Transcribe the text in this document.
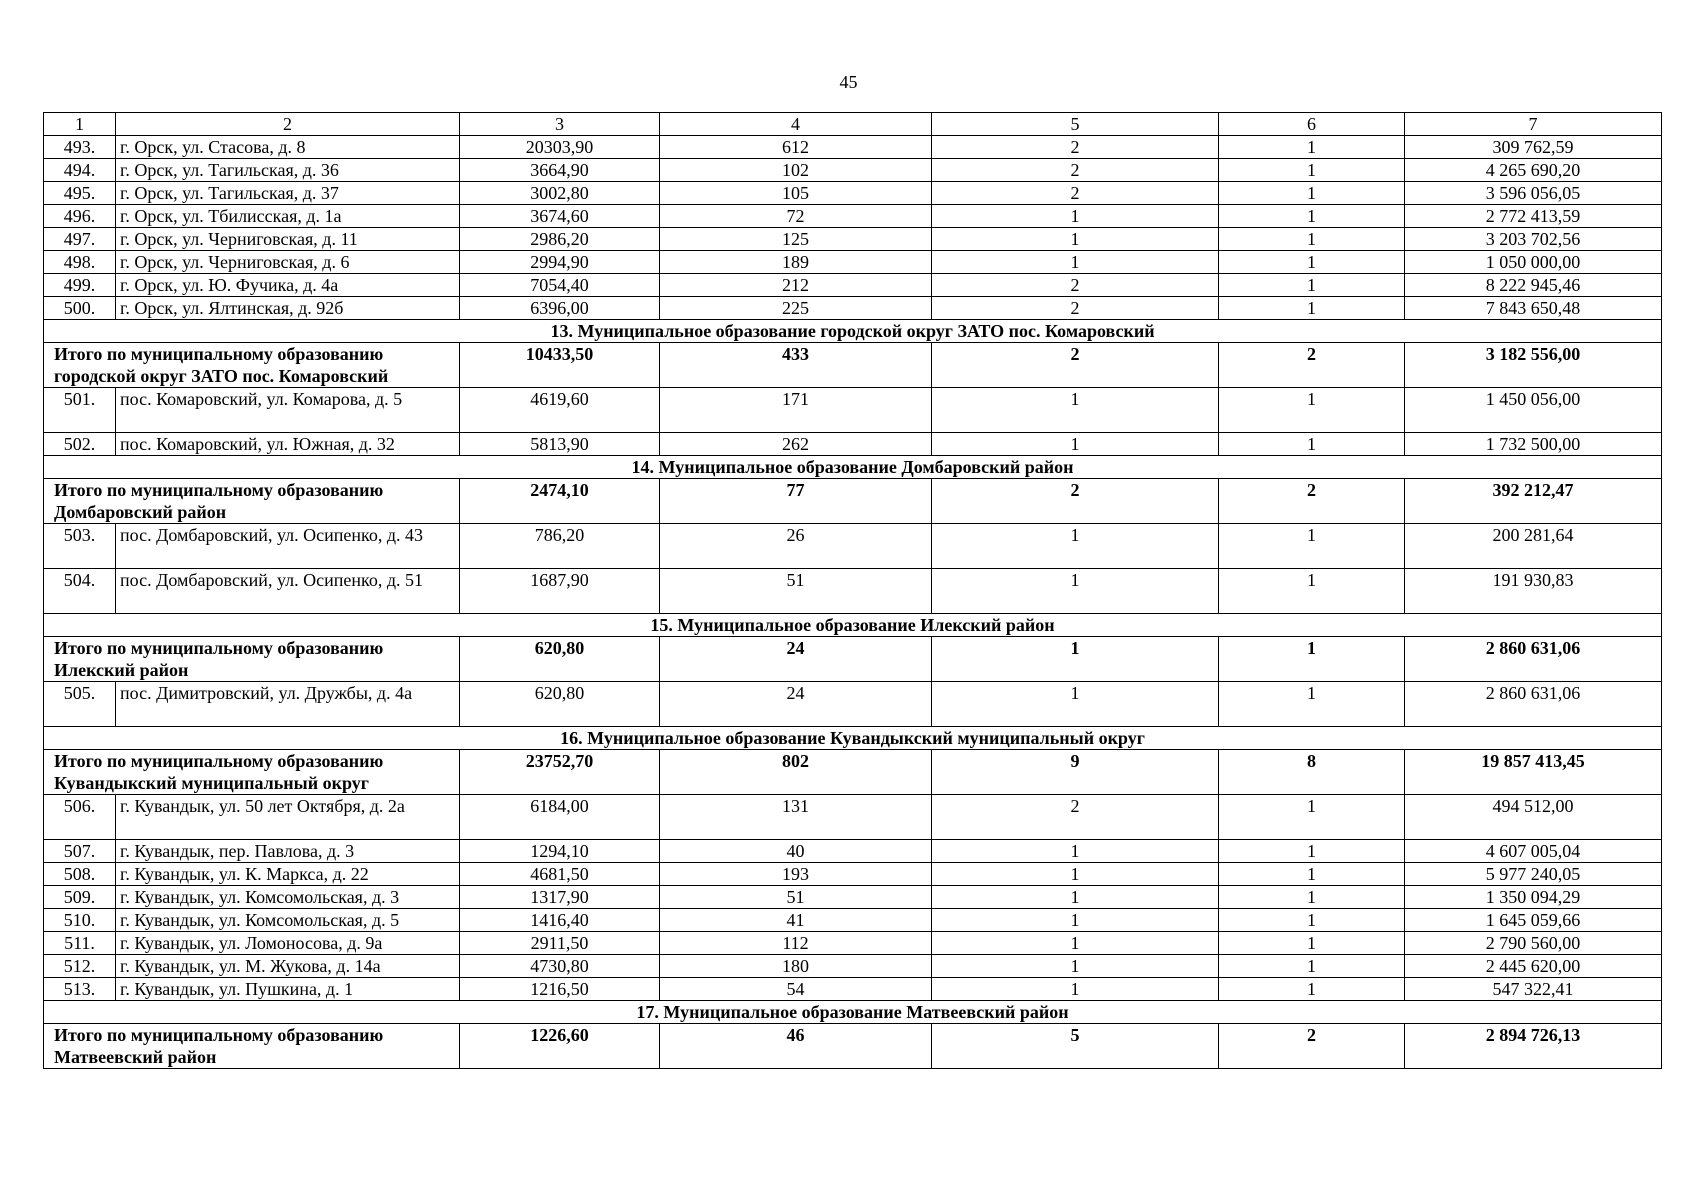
45
1	2	3	4	5	6	7
493.	г. Орск, ул. Стасова, д. 8	20303,90	612	2	1	309 762,59
494.	г. Орск, ул. Тагильская, д. 36	3664,90	102	2	1	4 265 690,20
495.	г. Орск, ул. Тагильская, д. 37	3002,80	105	2	1	3 596 056,05
496.	г. Орск, ул. Тбилисская, д. 1а	3674,60	72	1	1	2 772 413,59
497.	г. Орск, ул. Черниговская, д. 11	2986,20	125	1	1	3 203 702,56
498.	г. Орск, ул. Черниговская, д. 6	2994,90	189	1	1	1 050 000,00
499.	г. Орск, ул. Ю. Фучика, д. 4а	7054,40	212	2	1	8 222 945,46
500.	г. Орск, ул. Ялтинская, д. 92б	6396,00	225	2	1	7 843 650,48
13. Муниципальное образование городской округ ЗАТО пос. Комаровский						
Итого по муниципальному образованию городской округ ЗАТО пос. Комаровский		10433,50	433	2	2	3 182 556,00
501.	пос. Комаровский, ул. Комарова, д. 5	4619,60	171	1	1	1 450 056,00
502.	пос. Комаровский, ул. Южная, д. 32	5813,90	262	1	1	1 732 500,00
14. Муниципальное образование Домбаровский район						
Итого по муниципальному образованию Домбаровский район		2474,10	77	2	2	392 212,47
503.	пос. Домбаровский, ул. Осипенко, д. 43	786,20	26	1	1	200 281,64
504.	пос. Домбаровский, ул. Осипенко, д. 51	1687,90	51	1	1	191 930,83
15. Муниципальное образование Илекский район						
Итого по муниципальному образованию Илекский район		620,80	24	1	1	2 860 631,06
505.	пос. Димитровский, ул. Дружбы, д. 4а	620,80	24	1	1	2 860 631,06
16. Муниципальное образование Кувандыкский муниципальный округ						
Итого по муниципальному образованию Кувандыкский муниципальный округ		23752,70	802	9	8	19 857 413,45
506.	г. Кувандык, ул. 50 лет Октября, д. 2а	6184,00	131	2	1	494 512,00
507.	г. Кувандык, пер. Павлова, д. 3	1294,10	40	1	1	4 607 005,04
508.	г. Кувандык, ул. К. Маркса, д. 22	4681,50	193	1	1	5 977 240,05
509.	г. Кувандык, ул. Комсомольская, д. 3	1317,90	51	1	1	1 350 094,29
510.	г. Кувандык, ул. Комсомольская, д. 5	1416,40	41	1	1	1 645 059,66
511.	г. Кувандык, ул. Ломоносова, д. 9а	2911,50	112	1	1	2 790 560,00
512.	г. Кувандык, ул. М. Жукова, д. 14а	4730,80	180	1	1	2 445 620,00
513.	г. Кувандык, ул. Пушкина, д. 1	1216,50	54	1	1	547 322,41
17. Муниципальное образование Матвеевский район						
Итого по муниципальному образованию Матвеевский район		1226,60	46	5	2	2 894 726,13
